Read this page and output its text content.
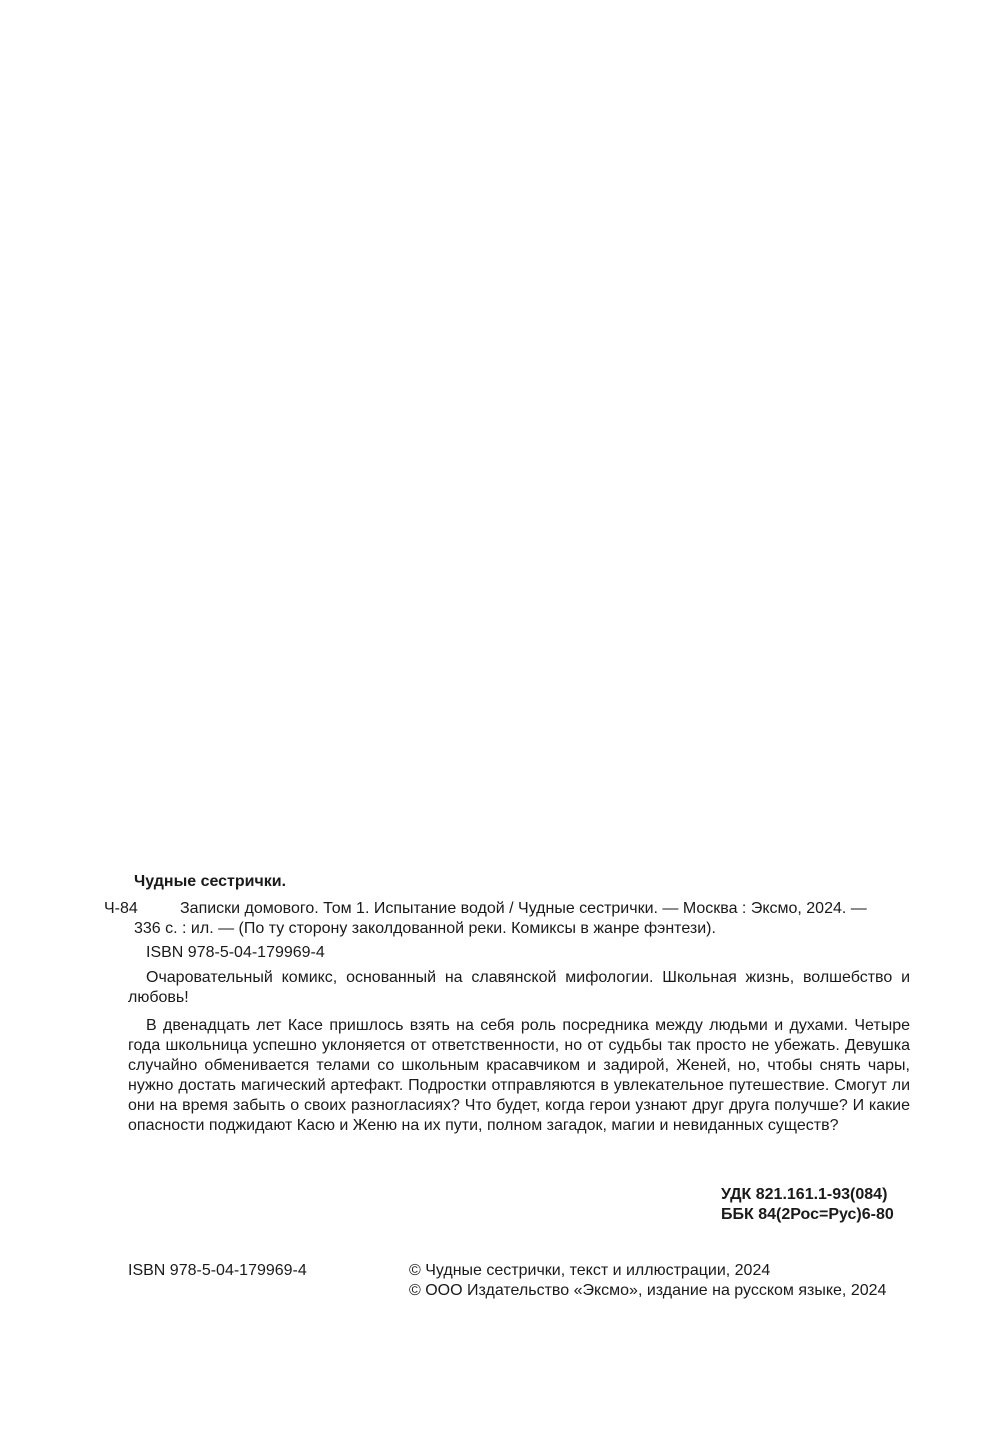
Чудные сестрички.
Ч-84	Записки домового. Том 1. Испытание водой / Чудные сестрички. — Москва : Эксмо, 2024. —
336 с. : ил. — (По ту сторону заколдованной реки. Комиксы в жанре фэнтези).
ISBN 978-5-04-179969-4
Очаровательный комикс, основанный на славянской мифологии. Школьная жизнь, волшебство и любовь!
В двенадцать лет Касе пришлось взять на себя роль посредника между людьми и духами. Четыре года школьница успешно уклоняется от ответственности, но от судьбы так просто не убежать. Девушка случайно обменивается телами со школьным красавчиком и задирой, Женей, но, чтобы снять чары, нужно достать магический артефакт. Подростки отправляются в увлекательное путешествие. Смогут ли они на время забыть о своих разногласиях? Что будет, когда герои узнают друг друга получше? И какие опасности поджидают Касю и Женю на их пути, полном загадок, магии и невиданных существ?
УДК 821.161.1-93(084)
ББК 84(2Рос=Рус)6-80
ISBN 978-5-04-179969-4	© Чудные сестрички, текст и иллюстрации, 2024
© ООО Издательство «Эксмо», издание на русском языке, 2024
